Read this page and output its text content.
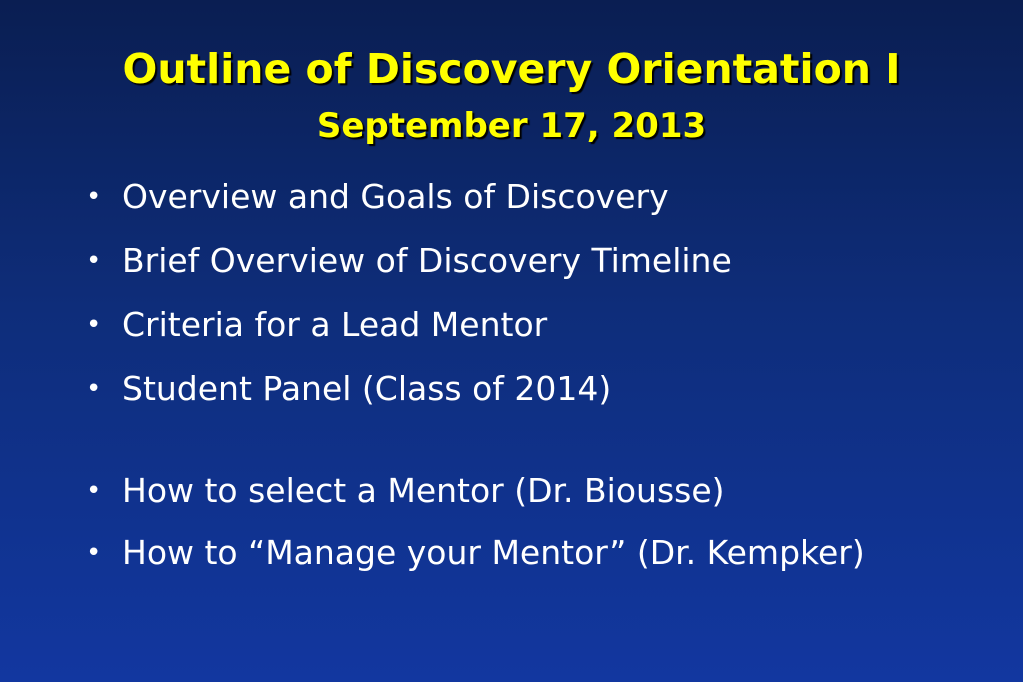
Outline of Discovery Orientation I
September 17, 2013
• Overview and Goals of Discovery
• Brief Overview of Discovery Timeline
• Criteria for a Lead Mentor
• Student Panel (Class of 2014)
• How to select a Mentor (Dr. Biousse)
• How to “Manage your Mentor” (Dr. Kempker)
